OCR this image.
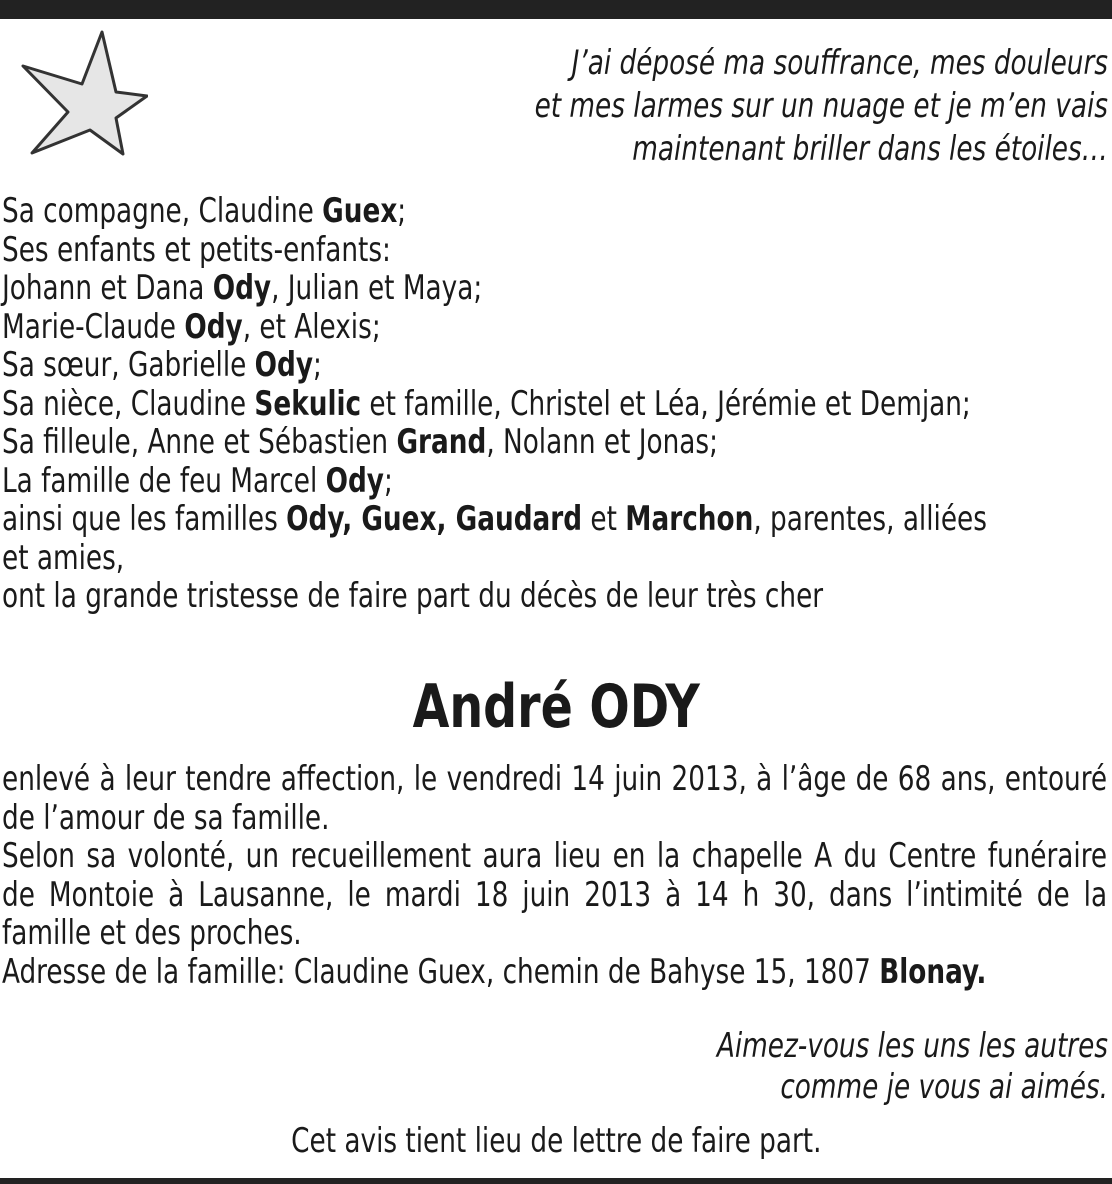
J’ai déposé ma souffrance, mes douleurs
et mes larmes sur un nuage et je m’en vais
maintenant briller dans les étoiles…
Sa compagne, Claudine Guex;
Ses enfants et petits-enfants:
Johann et Dana Ody, Julian et Maya;
Marie-Claude Ody, et Alexis;
Sa sœur, Gabrielle Ody;
Sa nièce, Claudine Sekulic et famille, Christel et Léa, Jérémie et Demjan;
Sa filleule, Anne et Sébastien Grand, Nolann et Jonas;
La famille de feu Marcel Ody;
ainsi que les familles Ody, Guex, Gaudard et Marchon, parentes, alliées
et amies,
ont la grande tristesse de faire part du décès de leur très cher
André ODY
enlevé à leur tendre affection, le vendredi 14 juin 2013, à l’âge de 68 ans, entouré de l’amour de sa famille.
Selon sa volonté, un recueillement aura lieu en la chapelle A du Centre funéraire de Montoie à Lausanne, le mardi 18 juin 2013 à 14 h 30, dans l’intimité de la famille et des proches.
Adresse de la famille: Claudine Guex, chemin de Bahyse 15, 1807 Blonay.
Aimez-vous les uns les autres
comme je vous ai aimés.
Cet avis tient lieu de lettre de faire part.
